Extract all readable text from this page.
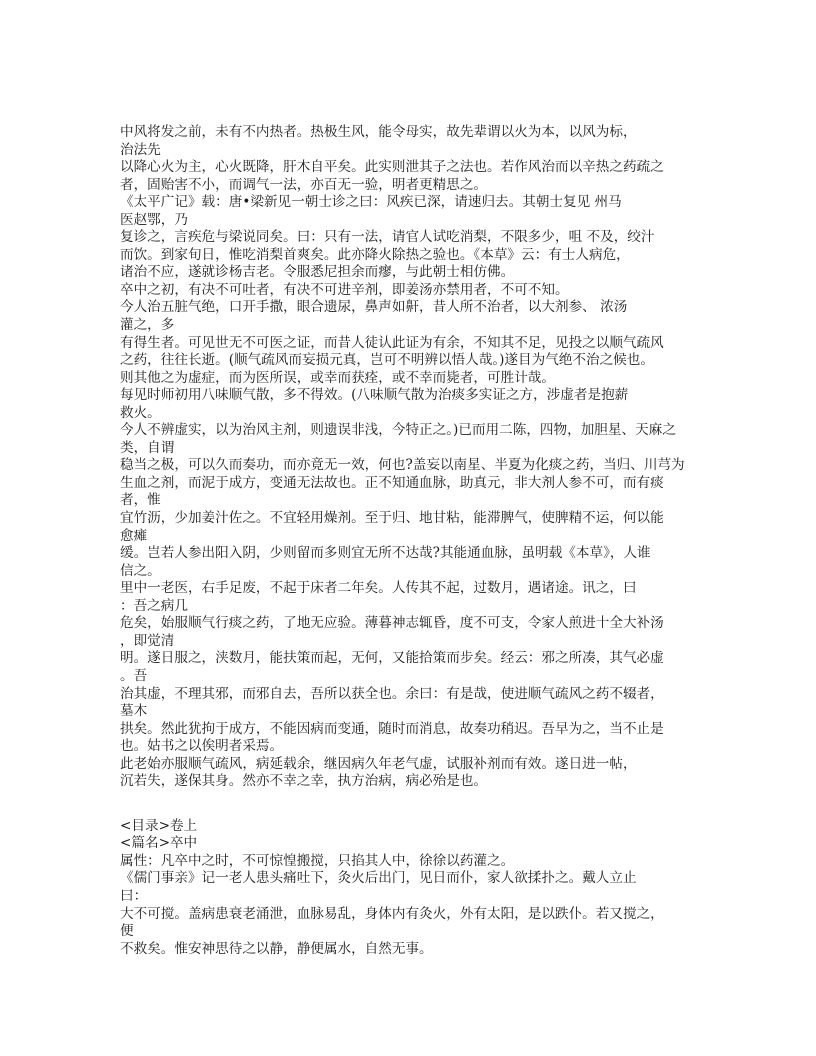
中风将发之前，未有不内热者。热极生风，能令母实，故先辈谓以火为本，以风为标，
治法先
以降心火为主，心火既降，肝木自平矣。此实则泄其子之法也。若作风治而以辛热之药疏之
者，固贻害不小，而调气一法，亦百无一验，明者更精思之。
《太平广记》载：唐•梁新见一朝士诊之曰：风疾已深，请速归去。其朝士复见 州马
医赵鄂，乃
复诊之，言疾危与梁说同矣。曰：只有一法，请官人试吃消梨，不限多少，咀 不及，绞汁
而饮。到家旬日，惟吃消梨首爽矣。此亦降火除热之验也。《本草》云：有士人病危，
诸治不应，遂就诊杨吉老。令服悉尼担余而瘳，与此朝士相仿佛。
卒中之初，有决不可吐者，有决不可进辛剂，即姜汤亦禁用者，不可不知。
今人治五脏气绝，口开手撒，眼合遗尿，鼻声如鼾，昔人所不治者，以大剂参、 浓汤
灌之，多
有得生者。可见世无不可医之证，而昔人徒认此证为有余，不知其不足，见投之以顺气疏风
之药，往往长逝。(顺气疏风而妄损元真，岂可不明辨以悟人哉。)遂目为气绝不治之候也。
则其他之为虚症，而为医所误，或幸而获痊，或不幸而毙者，可胜计哉。
每见时师初用八味顺气散，多不得效。(八味顺气散为治痰多实证之方，涉虚者是抱薪
救火。
今人不辨虚实，以为治风主剂，则遗误非浅，今特正之。)已而用二陈，四物，加胆星、天麻之
类，自谓
稳当之极，可以久而奏功，而亦竟无一效，何也?盖妄以南星、半夏为化痰之药，当归、川芎为
生血之剂，而泥于成方，变通无法故也。正不知通血脉，助真元，非大剂人参不可，而有痰
者，惟
宜竹沥，少加姜汁佐之。不宜轻用燥剂。至于归、地甘粘，能滞脾气，使脾精不运，何以能
愈瘫
缓。岂若人参出阳入阴，少则留而多则宜无所不达哉?其能通血脉，虽明载《本草》，人谁
信之。
里中一老医，右手足废，不起于床者二年矣。人传其不起，过数月，遇诸途。讯之，曰
：吾之病几
危矣，始服顺气行痰之药，了地无应验。薄暮神志辄昏，度不可支，令家人煎进十全大补汤
，即觉清
明。遂日服之，浃数月，能扶策而起，无何，又能拾策而步矣。经云：邪之所凑，其气必虚
。吾
治其虚，不理其邪，而邪自去，吾所以获全也。余曰：有是哉，使进顺气疏风之药不辍者，
墓木
拱矣。然此犹拘于成方，不能因病而变通，随时而消息，故奏功稍迟。吾早为之，当不止是
也。姑书之以俟明者采焉。
此老始亦服顺气疏风，病延载余，继因病久年老气虚，试服补剂而有效。遂日进一帖，
沉若失，遂保其身。然亦不幸之幸，执方治病，病必殆是也。
<目录>卷上
<篇名>卒中
属性：凡卒中之时，不可惊惶搬搅，只掐其人中，徐徐以药灌之。
《儒门事亲》记一老人患头痛吐下，灸火后出门，见日而仆，家人欲揉扑之。戴人立止
曰：
大不可搅。盖病患衰老涌泄，血脉易乱，身体内有灸火，外有太阳，是以跌仆。若又搅之，
便
不救矣。惟安神思待之以静，静便属水，自然无事。
